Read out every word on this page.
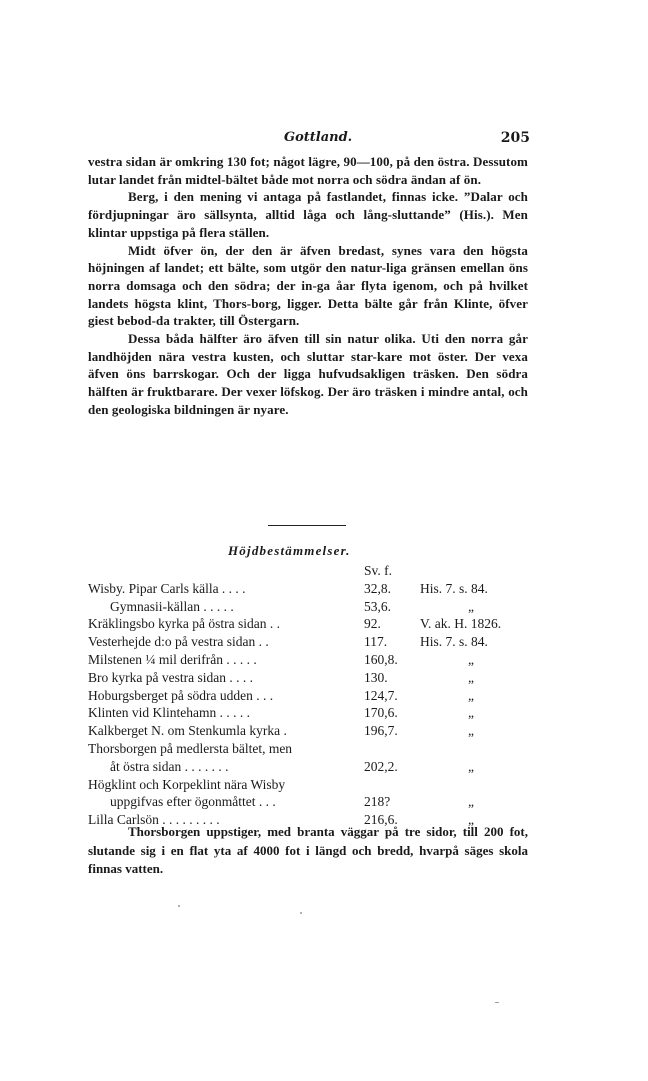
Gottland.	205

vestra sidan är omkring 130 fot; något lägre, 90—100, på den östra. Dessutom lutar landet från midtel-bältet både mot norra och södra ändan af ön.

Berg, i den mening vi antaga på fastlandet, finnas icke. ”Dalar och fördjupningar äro sällsynta, alltid låga och lång-sluttande” (His.). Men klintar uppstiga på flera ställen.

Midt öfver ön, der den är äfven bredast, synes vara den högsta höjningen af landet; ett bälte, som utgör den natur-liga gränsen emellan öns norra domsaga och den södra; der in-ga åar flyta igenom, och på hvilket landets högsta klint, Thors-borg, ligger. Detta bälte går från Klinte, öfver giest bebod-da trakter, till Östergarn.

Dessa båda hälfter äro äfven till sin natur olika. Uti den norra går landhöjden nära vestra kusten, och sluttar star-kare mot öster. Der vexa äfven öns barrskogar. Och der ligga hufvudsakligen träsken. Den södra hälften är fruktbarare. Der vexer löfskog. Der äro träsken i mindre antal, och den geologiska bildningen är nyare.

Höjdbestämmelser.
Sv. f.
Wisby. Pipar Carls källa . . . .	32,8. His. 7. s. 84.
Gymnasii-källan . . . . .	53,6.	„
Kräklingsbo kyrka på östra sidan . .	92.	V. ak. H. 1826.
Vesterhejde d:o på vestra sidan . .	117. His. 7. s. 84.
Milstenen ¼ mil derifrån . . . . .	160,8.	„
Bro kyrka på vestra sidan . . . .	130.	„
Hoburgsberget på södra udden . . .	124,7.	„
Klinten vid Klintehamn . . . . .	170,6.	„
Kalkberget N. om Stenkumla kyrka .	196,7.	„
Thorsborgen på medlersta bältet, men
åt östra sidan . . . . . . .	202,2.	„
Högklint och Korpeklint nära Wisby
uppgifvas efter ögonmåttet . . .	218?	„
Lilla Carlsön . . . . . . . . .	216,6.	„

Thorsborgen uppstiger, med branta väggar på tre sidor, till 200 fot, slutande sig i en flat yta af 4000 fot i längd och bredd, hvarpå säges skola finnas vatten.
